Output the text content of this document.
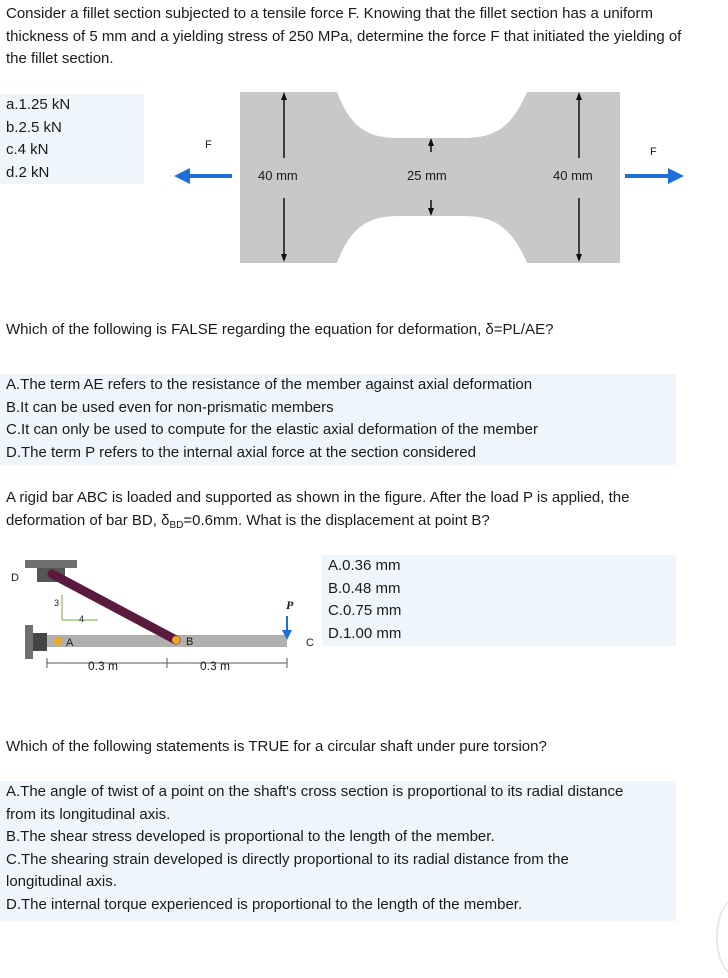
Consider a fillet section subjected to a tensile force F. Knowing that the fillet section has a uniform thickness of 5 mm and a yielding stress of 250 MPa, determine the force F that initiated the yielding of the fillet section.
a.1.25 kN
b.2.5 kN
c.4 kN
d.2 kN	40 mm	25 mm	40 mm
F
F
Which of the following is FALSE regarding the equation for deformation, δ=PL/AE?
A.The term AE refers to the resistance of the member against axial deformation
B.It can be used even for non-prismatic members
C.It can only be used to compute for the elastic axial deformation of the member
D.The term P refers to the internal axial force at the section considered
A rigid bar ABC is loaded and supported as shown in the figure. After the load P is applied, the deformation of bar BD, $\delta_{BD}=0.6mm$. What is the displacement at point B?
D
A	B	C
P
3
4
0.3 m	0.3 m
A.0.36 mm
B.0.48 mm
C.0.75 mm
D.1.00 mm
Which of the following statements is TRUE for a circular shaft under pure torsion?
A.The angle of twist of a point on the shaft's cross section is proportional to its radial distance from its longitudinal axis.
B.The shear stress developed is proportional to the length of the member.
C.The shearing strain developed is directly proportional to its radial distance from the longitudinal axis.
D.The internal torque experienced is proportional to the length of the member.
